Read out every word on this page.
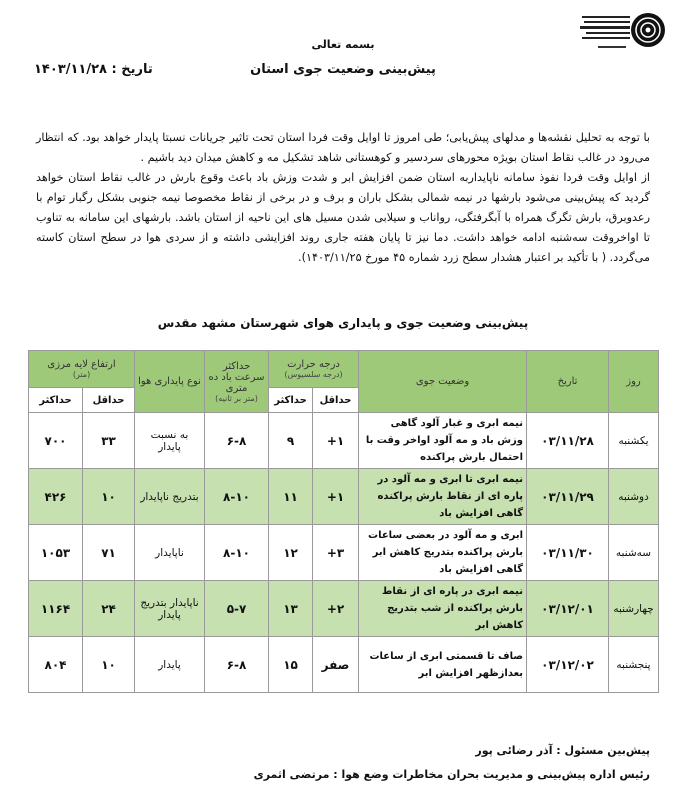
بسمه تعالی
پیش‌بینی وضعیت جوی استان
تاریخ : ۱۴۰۳/۱۱/۲۸

با توجه به تحلیل نقشه‌ها و مدلهای پیش‌یابی؛ طی امروز تا اوایل وقت فردا استان تحت تاثیر جریانات نسبتا پایدار خواهد بود. که انتظار می‌رود در غالب نقاط استان بویژه محورهای سردسیر و کوهستانی شاهد تشکیل مه و کاهش میدان دید باشیم .

از اوایل وقت فردا نفوذ سامانه ناپایداربه استان ضمن افزایش ابر و شدت وزش باد باعث وقوع بارش در غالب نقاط استان خواهد گردید که پیش‌بینی می‌شود بارشها در نیمه شمالی بشکل باران و برف و در برخی از نقاط مخصوصا نیمه جنوبی بشکل رگبار توام با رعدوبرق، بارش تگرگ همراه با آبگرفتگی، رواناب و سیلابی شدن مسیل های این ناحیه از استان باشد. بارشهای این سامانه به تناوب تا اواخروقت سه‌شنبه ادامه خواهد داشت. دما نیز تا پایان هفته جاری روند افزایشی داشته و از سردی هوا در سطح استان کاسته می‌گردد. ( با تأکید بر اعتبار هشدار سطح زرد شماره ۴۵ مورخ ۱۴۰۳/۱۱/۲۵).

پیش‌بینی وضعیت جوی و پایداری هوای شهرستان مشهد مقدس
روز	تاریخ	وضعیت جوی	درجه حرارت
(درجه سلسیوس)		حداکثر سرعت باد ده متری
(متر بر ثانیه)	نوع پایداری هوا	ارتفاع لایه مرزی
(متر)	

			حداقل	حداکثر			حداقل	حداکثر
یکشنبه	۰۳/۱۱/۲۸	نیمه ابری و غبار آلود گاهی وزش باد و مه آلود اواخر وقت با احتمال بارش پراکنده	۱+	۹	۶-۸	به نسبت پایدار	۳۳	۷۰۰
دوشنبه	۰۳/۱۱/۲۹	نیمه ابری تا ابری و مه آلود در پاره ای از نقاط بارش پراکنده گاهی افزایش باد	۱+	۱۱	۸-۱۰	بتدریج ناپایدار	۱۰	۴۲۶
سه‌شنبه	۰۳/۱۱/۳۰	ابری و مه آلود در بعضی ساعات بارش پراکنده بتدریج کاهش ابر گاهی افزایش باد	۳+	۱۲	۸-۱۰	ناپایدار	۷۱	۱۰۵۳
چهارشنبه	۰۳/۱۲/۰۱	نیمه ابری در پاره ای از نقاط بارش پراکنده از شب بتدریج کاهش ابر	۲+	۱۳	۵-۷	ناپایدار بتدریج پایدار	۲۴	۱۱۶۴
پنجشنبه	۰۳/۱۲/۰۲	صاف تا قسمتی ابری از ساعات بعدازظهر افزایش ابر	صفر	۱۵	۶-۸	پایدار	۱۰	۸۰۴
پیش‌بین مسئول : آذر رضائی پور
رئیس اداره پیش‌بینی و مدیریت بحران مخاطرات وضع هوا : مرتضی اثمری
